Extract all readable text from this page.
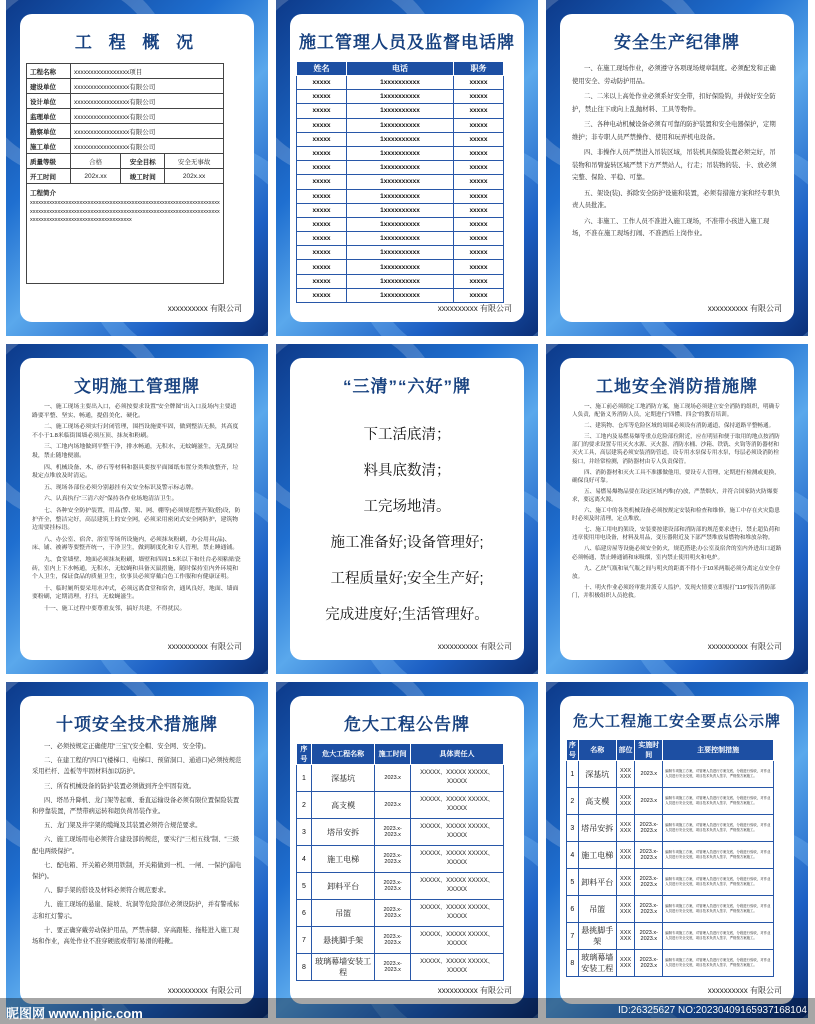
工 程 概 况
工程名称	xxxxxxxxxxxxxxxxx项目		
建设单位	xxxxxxxxxxxxxxxxx有限公司		
设计单位	xxxxxxxxxxxxxxxxx有限公司		
监理单位	xxxxxxxxxxxxxxxxx有限公司		
勘察单位	xxxxxxxxxxxxxxxxx有限公司		
施工单位	xxxxxxxxxxxxxxxxx有限公司		
质量等级	合格	安全目标	安全无事故
开工时间	202x.xx	竣工时间	202x.xx

工程简介
xxxxxxxxxxxxxxxxxxxxxxxxxxxxxxxxxxxxxxxxxxxxxxxxxxxxxxxxxxxxxxxxxxxxxxxxxxxxxxxxxxxxxxxxxxxxxxxxxxxxxxxxxxxxxxxxxxxxxxxxxxxxxxxxxxxxxxxxxxxxxxxxxxxxxxxxxxxxxxxxxxxxxxxxxxxxxxx			
xxxxxxxxxx 有限公司
施工管理人员及监督电话牌
姓名	电话	职务
xxxxx	1xxxxxxxxxx	xxxxx
xxxxx	1xxxxxxxxxx	xxxxx
xxxxx	1xxxxxxxxxx	xxxxx
xxxxx	1xxxxxxxxxx	xxxxx
xxxxx	1xxxxxxxxxx	xxxxx
xxxxx	1xxxxxxxxxx	xxxxx
xxxxx	1xxxxxxxxxx	xxxxx
xxxxx	1xxxxxxxxxx	xxxxx
xxxxx	1xxxxxxxxxx	xxxxx
xxxxx	1xxxxxxxxxx	xxxxx
xxxxx	1xxxxxxxxxx	xxxxx
xxxxx	1xxxxxxxxxx	xxxxx
xxxxx	1xxxxxxxxxx	xxxxx
xxxxx	1xxxxxxxxxx	xxxxx
xxxxx	1xxxxxxxxxx	xxxxx
xxxxx	1xxxxxxxxxx	xxxxx
xxxxxxxxxx 有限公司
安全生产纪律牌

一、在施工现场作业，必须遵守各项现场规章制度。必须配发和正确使用安全、劳动防护用品。

二、二米以上高处作业必须系好安全带，扣好保险钩，并做好安全防护，禁止往下或向上乱抛材料、工具等物件。

三、各种电动机械设备必须有可靠的防护装置和安全电器保护，定期维护；非专职人员严禁操作、使用和玩弄机电设备。

四、非操作人员严禁进入吊装区域，吊装机具保险装置必须完好，吊装物和吊臂旋转区域严禁下方严禁站人，行走；吊装物的装、卡、放必须完整、保险、平稳、可靠。

五、架设(装)、拆除安全防护设施和装置，必须有措施方案和经专职负责人员批准。

六、非施工、工作人员不准进入施工现场，不准带小孩进入施工现场，不准在施工现场打闹、不准酒后上岗作业。

xxxxxxxxxx 有限公司
文明施工管理牌

一、施工现场主要出入口，必须按要求设置“安全牌图”出入口及场内主要道路要平整、坚实、畅通，提倡美化、硬化。

二、施工现场必须实行封闭管理，围挡设施要牢固，做到整洁无损，其高度不小于1.8米临街围墙必须压顶、抹灰和粉刷。

三、工地内场地做到平整干净，排水畅通，无积水，无蚊蝇滋生，无乱倒垃圾，禁止随地便溺。

四、机械设备、木、砂石等材料和器具要按平面图纸布置分类堆放整齐，垃圾定点堆放及时清运。

五、现场各部位必须分别悬挂有关安全标识及警示标志牌。

六、认真执行“三清六好”保持各作业场地清洁卫生。

七、各种安全防护装置，用品(警、架、网、棚等)必须规范整齐架(搭)设，防护齐全，整洁完好，高层建筑上的安全网，必须采用密闭式安全网防护，建筑物边需要挂标语。

八、办公室、宿舍、浴室等场所设施内，必须抹灰粉刷，办公用具(品)、床、铺、被褥等要整齐统一，干净卫生，做到制度化和专人管理，禁止睡通铺。

九、食堂墙壁、地面必须抹灰粉刷，墙壁和四周1.5米以下和灶台必须粘贴瓷砖，室内上下水畅通，无积水，无蚊蝇和具备灭鼠措施，随时保持室内外环境和个人卫生，保证食品的质量卫生，炊事员必须穿戴白色工作服和有健康证明。

十、临时厕所要采用水冲式，必须远离食堂和宿舍，通风良好，地面、墙面要粉刷，定期清理，打扫，无蚊蝇滋生。

十一、施工过程中要尊重友邻，搞好共建，不得扰民。

xxxxxxxxxx 有限公司
“三清”“六好”牌
下工活底清；
料具底数清；
工完场地清。
施工准备好;设备管理好;
工程质量好;安全生产好;
完成进度好;生活管理好。
xxxxxxxxxx 有限公司
工地安全消防措施牌

一、施工前必须制定工地消防方案，施工现场必须建立安全消防的组织，明确专人负责，配备义务消防人员，定期进行“四懂、四会”的教育培训。

二、建筑物、仓库等危险区域的周围必须设有消防通道，保持道路平整畅通。

三、工地内及易燃易爆等重点危险部位附近，应在明显和便于取用的地点按消防部门的要求设置专用灭火水源、灭火器、消防水桶、沙箱、铁铣、火钩等消防器材和灭火工具，高层建筑必须安装消防管道，设专用水泵保专用水泵，每层必须设消防栓接口，并经常检测，消防器材由专人负责保管。

四、消防器材和灭火工具不准挪做他用，要设专人管理，定期进行检测或更换，确保良好可靠。

五、易燃易爆物品要在设定区域内堆(存)放，严禁烟火，并符合国家防火防爆要求，要远离火源。

六、施工中的各类机械设备必须按规定安装和检查和维修，施工中存在火灾隐患时必须及时清理，定点堆放。

七、施工用电的架设，安装要按建设部和消防部的规范要求进行，禁止超负荷和违章使用用电设备，材料及用品，变压器附近及下部严禁堆放易燃物和堆放杂物。

八、临建房屋等设施必须安全防火，规范搭建;办公室及宿舍的室内外进出口道路必须畅通，禁止睡通铺和床吸烟，室内禁止使用明火和电炉。

九、乙炔气瓶和氧气瓶之间与明火的距离不得小于10米两瓶必须分离定点安全存放。

十、明火作业必须经审批并派专人监护。发现火情要立即报打“119”报告消防部门，并积极组织人员抢救。

xxxxxxxxxx 有限公司
十项安全技术措施牌

一、必须按规定正确使用“三宝”(安全帽、安全网、安全带)。

二、在建工程的“四口”(楼梯口、电梯口、预留洞口、通道口)必须按规范采用栏杆、盖板等牢固材料加以防护。

三、所有机械设备的防护装置必须做到齐全牢固有效。

四、塔吊升降机、龙门架等起重、垂直运输设备必须有限位置保险装置和停靠装置，严禁带病运转和超负荷吊装作业。

五、龙门架及井字架的缆绳及其装置必须符合规范要求。

六、施工现场用电必须符合建设部的规范，要实行“三相五线”制、“三级配电两级保护”。

七、配电箱、开关箱必须用铁制，开关箱做到一机、一闸、一保护(漏电保护)。

八、脚手架的搭设及材料必须符合规范要求。

九、施工现场的悬崖、陡坡、坑洞等危险部位必须设防护，并有警戒标志和红灯警示。

十、要正确穿戴劳动保护用品，严禁赤脚、穿高跟鞋、拖鞋进入施工现场和作业，高处作业不准穿硬底或带钉易滑的鞋靴。

xxxxxxxxxx 有限公司
危大工程公告牌
序号	危大工程名称	施工时间	具体责任人
1	深基坑	2023.x	XXXXX、XXXXX XXXXX、XXXXX
2	高支模	2023.x	XXXXX、XXXXX XXXXX、XXXXX
3	塔吊安拆	2023.x-2023.x	XXXXX、XXXXX XXXXX、XXXXX
4	施工电梯	2023.x-2023.x	XXXXX、XXXXX XXXXX、XXXXX
5	卸料平台	2023.x-2023.x	XXXXX、XXXXX XXXXX、XXXXX
6	吊篮	2023.x-2023.x	XXXXX、XXXXX XXXXX、XXXXX
7	悬挑脚手架	2023.x-2023.x	XXXXX、XXXXX XXXXX、XXXXX
8	玻璃幕墙安装工程	2023.x-2023.x	XXXXX、XXXXX XXXXX、XXXXX
xxxxxxxxxx 有限公司
危大工程施工安全要点公示牌
序号	名称	部位	实施时间	主要控制措施
1	深基坑	XXX XXX	2023.x	编制专项施工方案，对管理人员进行方案交底，分段进行验收，对作业人员进行安全交底，项目技术负责人签字，严格按方案施工。
2	高支模	XXX XXX	2023.x	编制专项施工方案，对管理人员进行方案交底，分段进行验收，对作业人员进行安全交底，项目技术负责人签字，严格按方案施工。
3	塔吊安拆	XXX XXX	2023.x-2023.x	编制专项施工方案，对管理人员进行方案交底，分段进行验收，对作业人员进行安全交底，项目技术负责人签字，严格按方案施工。
4	施工电梯	XXX XXX	2023.x-2023.x	编制专项施工方案，对管理人员进行方案交底，分段进行验收，对作业人员进行安全交底，项目技术负责人签字，严格按方案施工。
5	卸料平台	XXX XXX	2023.x-2023.x	编制专项施工方案，对管理人员进行方案交底，分段进行验收，对作业人员进行安全交底，项目技术负责人签字，严格按方案施工。
6	吊篮	XXX XXX	2023.x-2023.x	编制专项施工方案，对管理人员进行方案交底，分段进行验收，对作业人员进行安全交底，项目技术负责人签字，严格按方案施工。
7	悬挑脚手架	XXX XXX	2023.x-2023.x	编制专项施工方案，对管理人员进行方案交底，分段进行验收，对作业人员进行安全交底，项目技术负责人签字，严格按方案施工。
8	玻璃幕墙安装工程	XXX XXX	2023.x-2023.x	编制专项施工方案，对管理人员进行方案交底，分段进行验收，对作业人员进行安全交底，项目技术负责人签字，严格按方案施工。
xxxxxxxxxx 有限公司
昵图网 www.nipic.com	ID:26325627 NO:20230409165937168104
